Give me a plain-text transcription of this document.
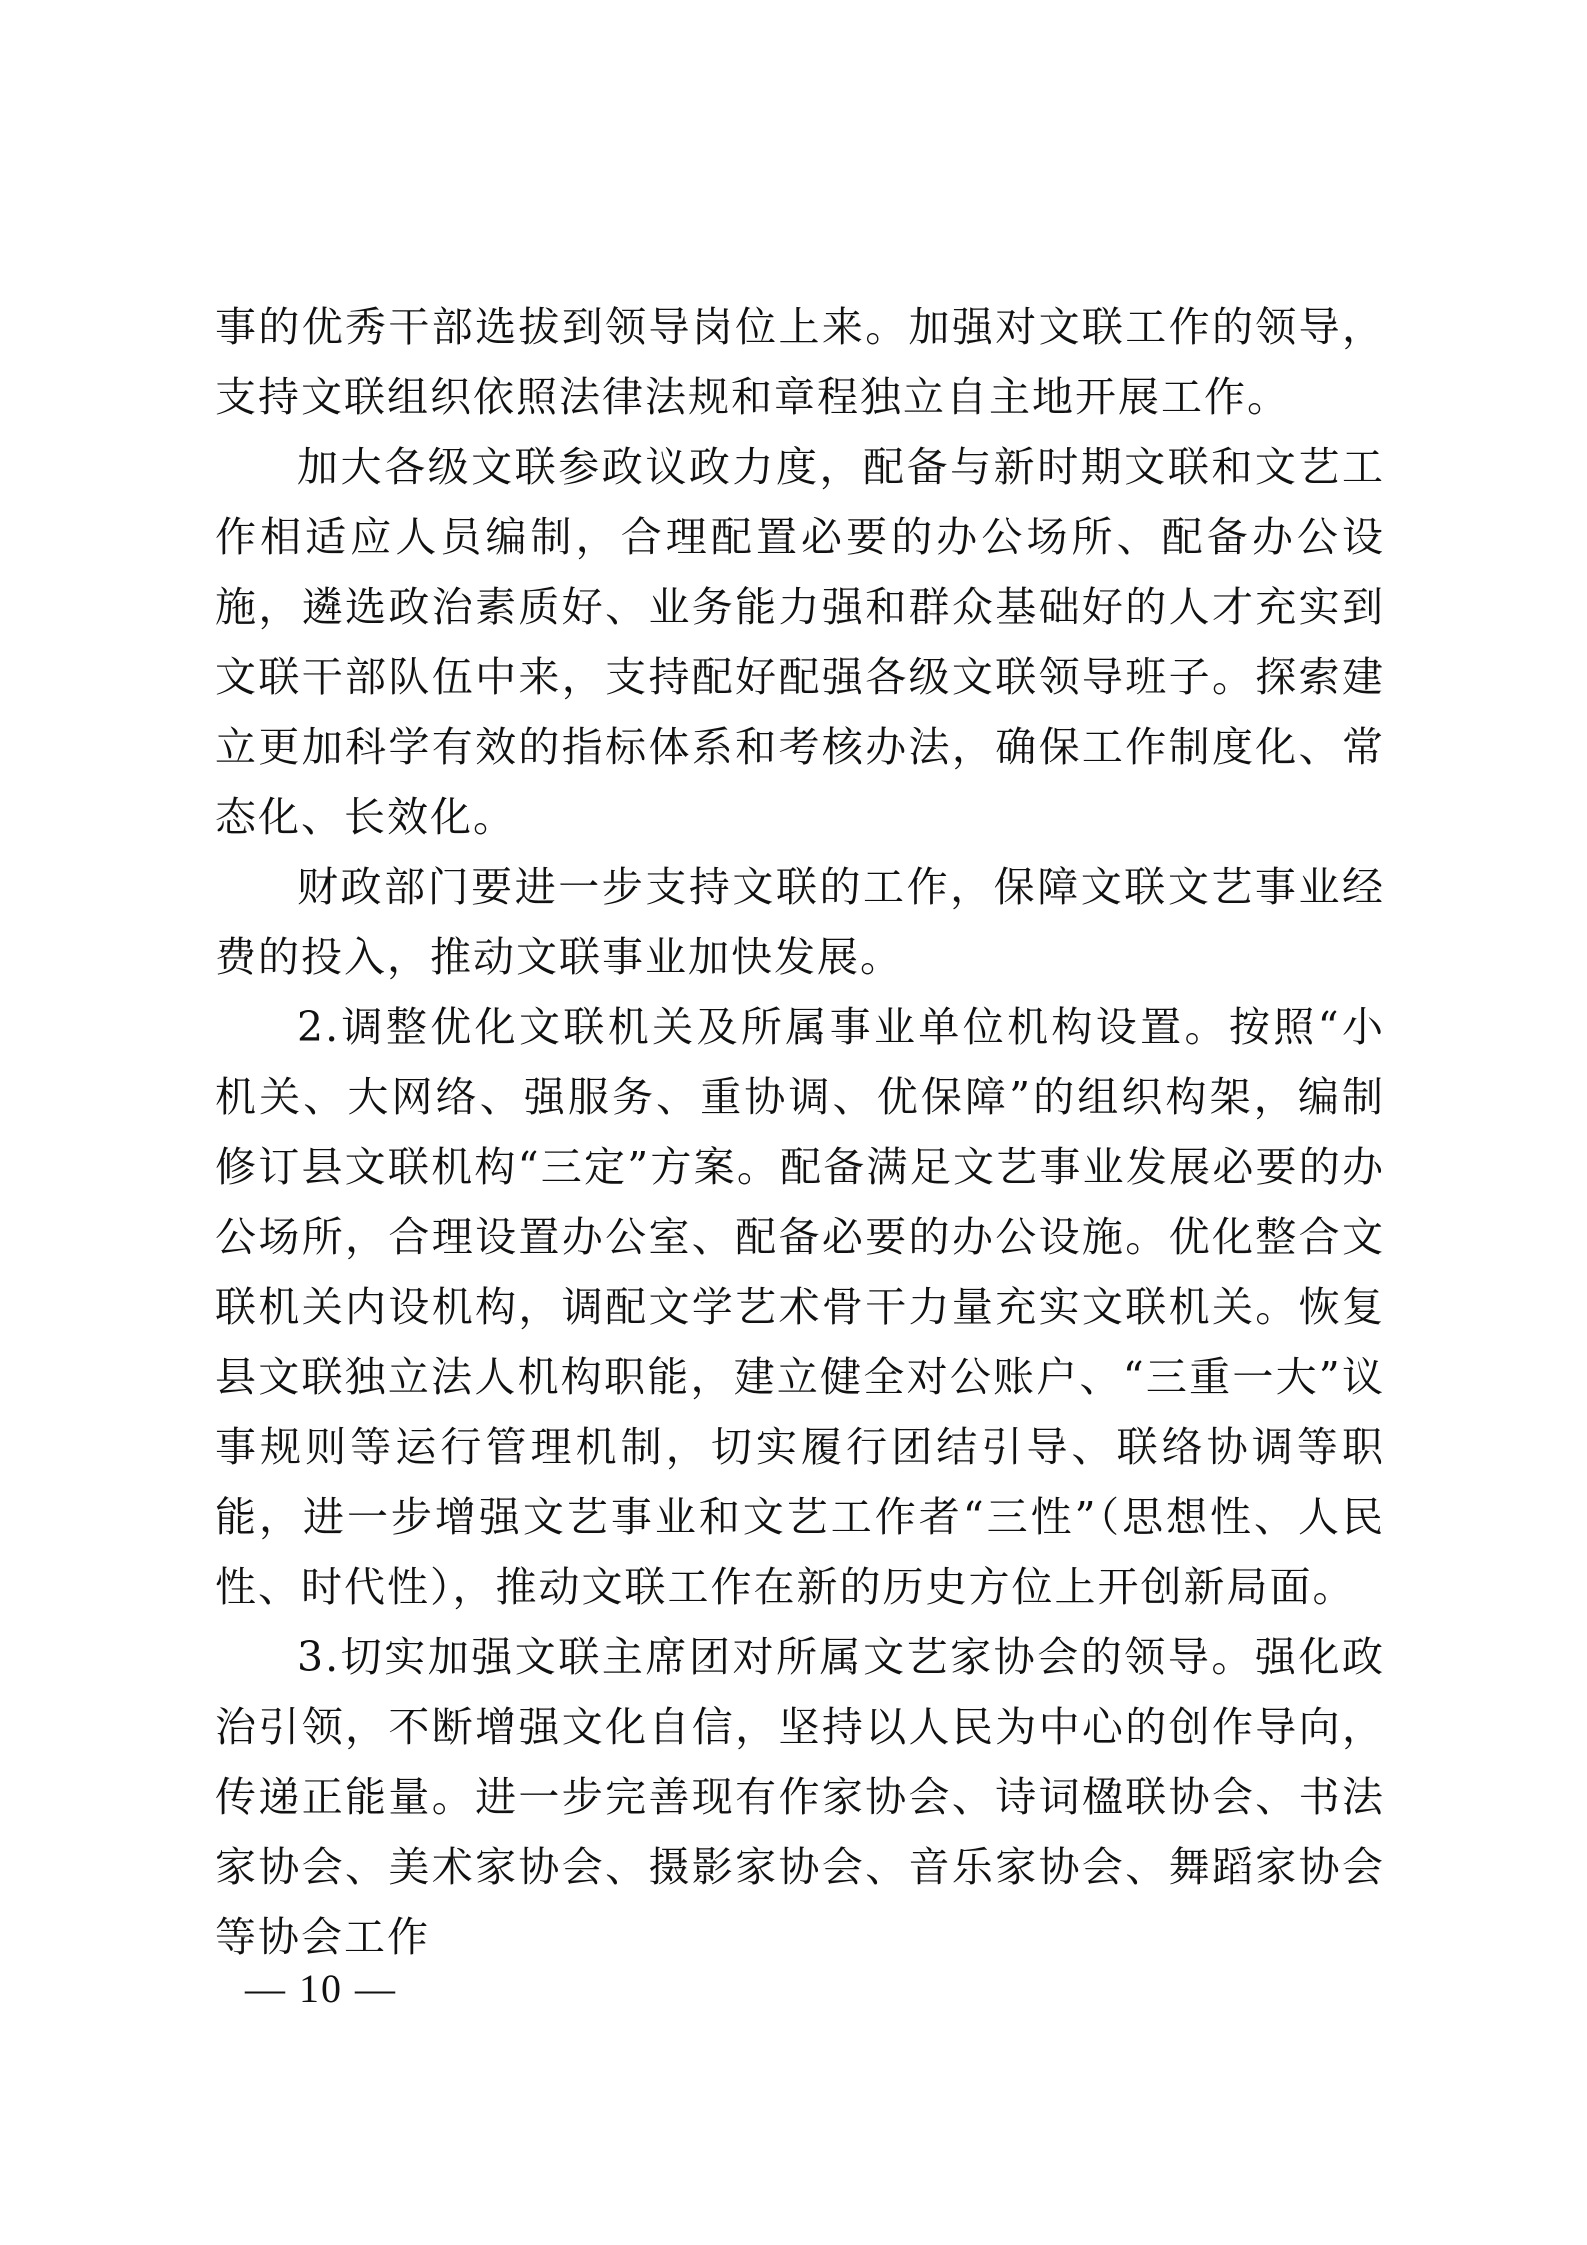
事的优秀干部选拔到领导岗位上来。加强对文联工作的领导，支持文联组织依照法律法规和章程独立自主地开展工作。

加大各级文联参政议政力度，配备与新时期文联和文艺工作相适应人员编制，合理配置必要的办公场所、配备办公设施，遴选政治素质好、业务能力强和群众基础好的人才充实到文联干部队伍中来，支持配好配强各级文联领导班子。探索建立更加科学有效的指标体系和考核办法，确保工作制度化、常态化、长效化。

财政部门要进一步支持文联的工作，保障文联文艺事业经费的投入，推动文联事业加快发展。

2.调整优化文联机关及所属事业单位机构设置。按照“小机关、大网络、强服务、重协调、优保障”的组织构架，编制修订县文联机构“三定”方案。配备满足文艺事业发展必要的办公场所，合理设置办公室、配备必要的办公设施。优化整合文联机关内设机构，调配文学艺术骨干力量充实文联机关。恢复县文联独立法人机构职能，建立健全对公账户、“三重一大”议事规则等运行管理机制，切实履行团结引导、联络协调等职能，进一步增强文艺事业和文艺工作者“三性”（思想性、人民性、时代性），推动文联工作在新的历史方位上开创新局面。

3.切实加强文联主席团对所属文艺家协会的领导。强化政治引领，不断增强文化自信，坚持以人民为中心的创作导向，传递正能量。进一步完善现有作家协会、诗词楹联协会、书法家协会、美术家协会、摄影家协会、音乐家协会、舞蹈家协会等协会工作

— 10 —
